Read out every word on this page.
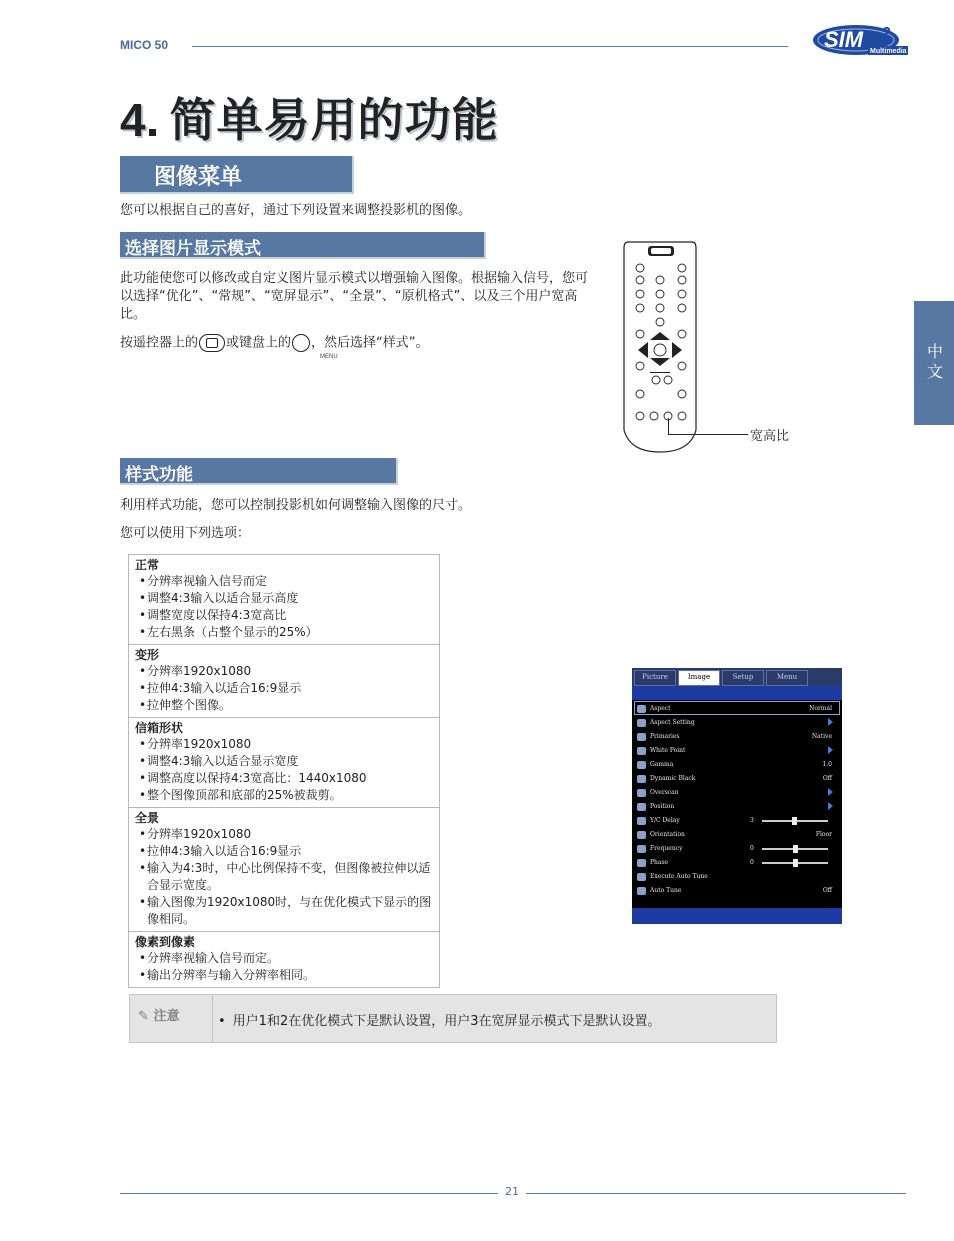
MICO 50	SIM 2
Multimedia
4 简单易用的功能
图像菜单
您可以根据自己的喜好，通过下列设置来调整投影机的图像。
选择图片显示模式
此功能使您可以修改或自定义图片显示模式以增强输入图像。根据输入信号，您可以选择“优化”、“常规”、“宽屏显示”、“全景”、“原机格式”、以及三个用户宽高比。
按遥控器上的 或键盘上的 ，然后选择“样式”。
MENU
宽高比
中文
样式功能
利用样式功能，您可以控制投影机如何调整输入图像的尺寸。
您可以使用下列选项：
正常
• 分辨率视输入信号而定
• 调整4:3输入以适合显示高度
• 调整宽度以保持4:3宽高比
• 左右黑条（占整个显示的25%）
变形
• 分辨率1920x1080
• 拉伸4:3输入以适合16:9显示
• 拉伸整个图像。
信箱形状
• 分辨率1920x1080
• 调整4:3输入以适合显示宽度
• 调整高度以保持4:3宽高比：1440x1080
• 整个图像顶部和底部的25%被裁剪。
全景
• 分辨率1920x1080
• 拉伸4:3输入以适合16:9显示
• 输入为4:3时，中心比例保持不变，但图像被拉伸以适合显示宽度。
• 输入图像为1920x1080时，与在优化模式下显示的图像相同。
像素到像素
• 分辨率视输入信号而定。
• 输出分辨率与输入分辨率相同。
Picture	Image	Setup	Menu
Aspect	Normal
Aspect Setting
Primaries	Native
White Point
Gamma	1.0
Dynamic Black	Off
Overscan
Position
Y/C Delay	3
Orientation	Floor
Frequency	0
Phase	0
Execute Auto Tune
Auto Tune	Off
✎ 注意	• 用户1和2在优化模式下是默认设置，用户3在宽屏显示模式下是默认设置。
21
